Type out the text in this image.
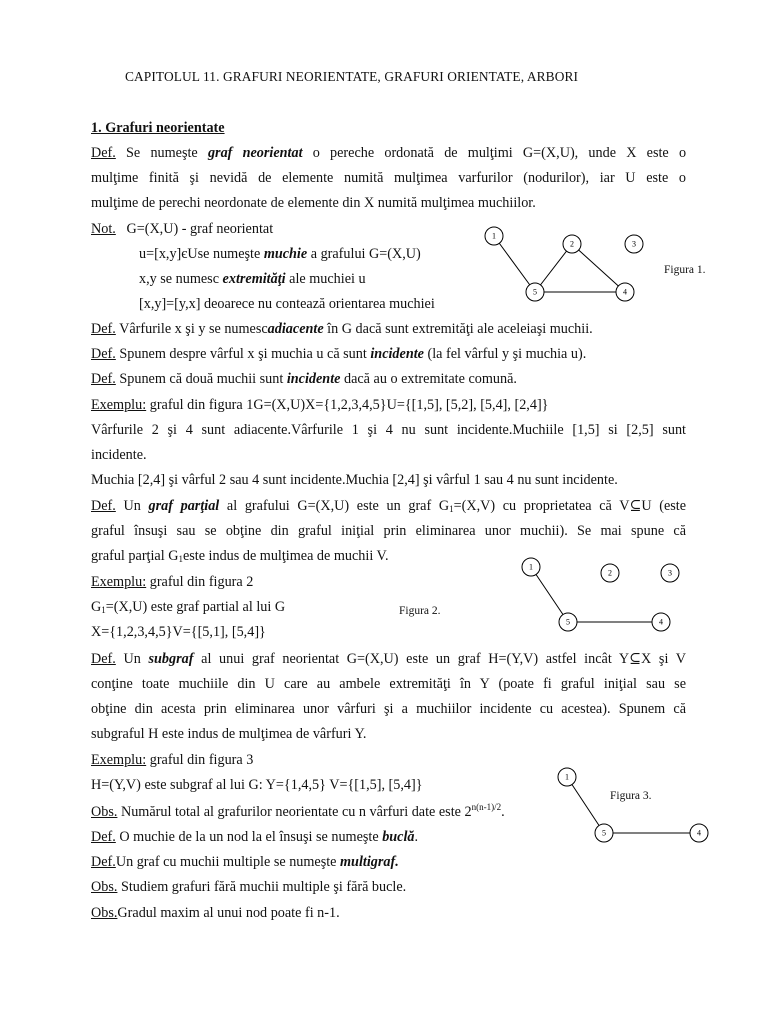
CAPITOLUL 11. GRAFURI NEORIENTATE, GRAFURI ORIENTATE, ARBORI
1. Grafuri neorientate
Def. Se numeşte graf neorientat o pereche ordonată de mulţimi G=(X,U), unde X este o
mulţime finită şi nevidă de elemente numită mulţimea varfurilor (nodurilor), iar U este o
mulţime de perechi neordonate de elemente din X numită mulţimea muchiilor.
Not. G=(X,U) - graf neorientat
u=[x,y]єUse numeşte muchie a grafului G=(X,U)
x,y se numesc extremităţi ale muchiei u
[x,y]=[y,x] deoarece nu contează orientarea muchiei
1
2	3
5	4
Figura 1.
Def. Vârfurile x şi y se numescadiacente în G dacă sunt extremităţi ale aceleiaşi muchii.
Def. Spunem despre vârful x şi muchia u că sunt incidente (la fel vârful y şi muchia u).
Def. Spunem că două muchii sunt incidente dacă au o extremitate comună.
Exemplu: graful din figura 1G=(X,U)X={1,2,3,4,5}U={[1,5], [5,2], [5,4], [2,4]}
Vârfurile 2 şi 4 sunt adiacente.Vârfurile 1 şi 4 nu sunt incidente.Muchiile [1,5] si [2,5] sunt
incidente.
Muchia [2,4] şi vârful 2 sau 4 sunt incidente.Muchia [2,4] şi vârful 1 sau 4 nu sunt incidente.
Def. Un graf parţial al grafului G=(X,U) este un graf $G_1=(X,V)$ cu proprietatea că V⊆U (este
graful însuşi sau se obţine din graful iniţial prin eliminarea unor muchii). Se mai spune că
graful parţial $G_1este$ indus de mulţimea de muchii V.
Exemplu: graful din figura 2
$G_1=(X,U)$ este graf partial al lui G
X={1,2,3,4,5}V={[5,1], [5,4]}
1
2	3
5	4
Figura 2.
Def. Un subgraf al unui graf neorientat G=(X,U) este un graf H=(Y,V) astfel incât Y⊆X şi V
conţine toate muchiile din U care au ambele extremităţi în Y (poate fi graful iniţial sau se
obţine din acesta prin eliminarea unor vârfuri şi a muchiilor incidente cu acestea). Spunem că
subgraful H este indus de mulţimea de vârfuri Y.
Exemplu: graful din figura 3
H=(Y,V) este subgraf al lui G: Y={1,4,5} V={[1,5], [5,4]}	1
5	4
Figura 3.
Obs. Numărul total al grafurilor neorientate cu n vârfuri date este $2^{n(n-1)/2}$.
Def. O muchie de la un nod la el însuşi se numeşte buclă.
Def.Un graf cu muchii multiple se numeşte multigraf.
Obs. Studiem grafuri fără muchii multiple şi fără bucle.
Obs.Gradul maxim al unui nod poate fi n-1.
